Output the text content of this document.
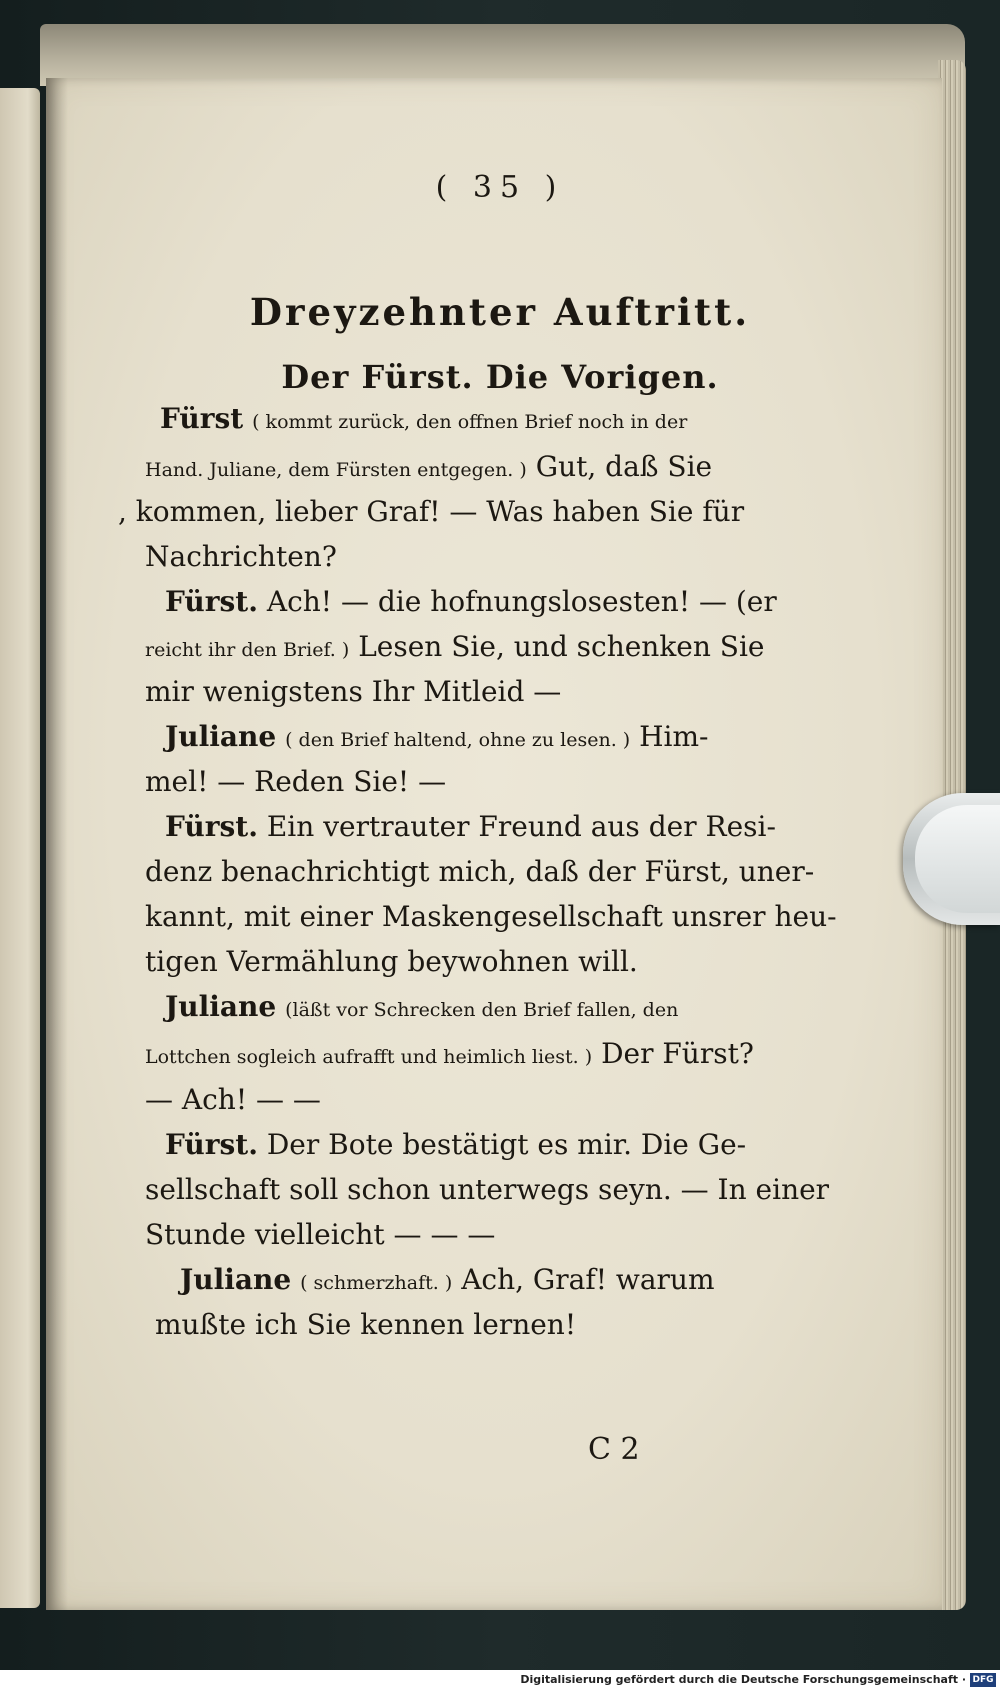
( 35 )
Dreyzehnter Auftritt.
Der Fürst. Die Vorigen.
Fürst ( kommt zurück, den offnen Brief noch in der
Hand. Juliane, dem Fürsten entgegen. ) Gut, daß Sie
, kommen, lieber Graf! — Was haben Sie für
Nachrichten?
Fürst. Ach! — die hofnungslosesten! — (er
reicht ihr den Brief. ) Lesen Sie, und schenken Sie
mir wenigstens Ihr Mitleid —
Juliane ( den Brief haltend, ohne zu lesen. ) Him-
mel! — Reden Sie! —
Fürst. Ein vertrauter Freund aus der Resi-
denz benachrichtigt mich, daß der Fürst, uner-
kannt, mit einer Maskengesellschaft unsrer heu-
tigen Vermählung beywohnen will.
Juliane (läßt vor Schrecken den Brief fallen, den
Lottchen sogleich aufrafft und heimlich liest. ) Der Fürst?
— Ach! — —
Fürst. Der Bote bestätigt es mir. Die Ge-
sellschaft soll schon unterwegs seyn. — In einer
Stunde vielleicht — — —
Juliane ( schmerzhaft. ) Ach, Graf! warum
mußte ich Sie kennen lernen!
C 2
Digitalisierung gefördert durch die Deutsche Forschungsgemeinschaft · DFG
